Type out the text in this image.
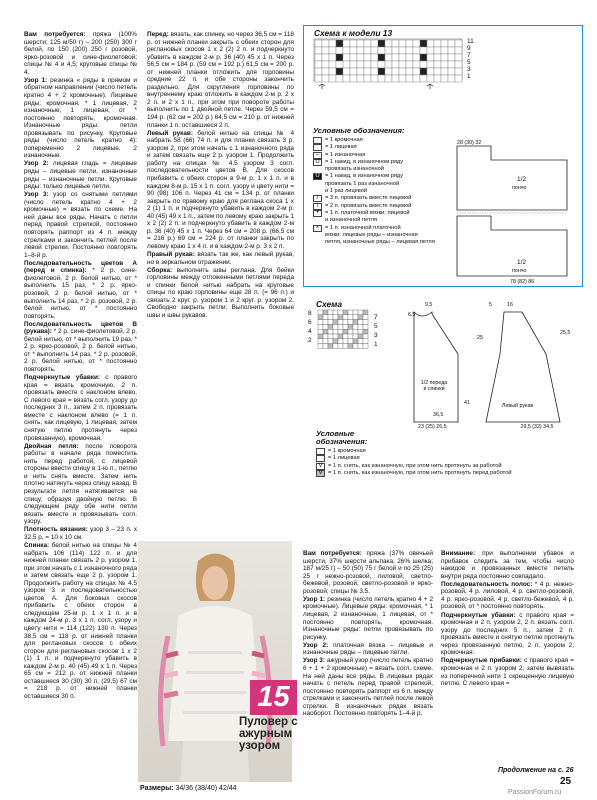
Вам потребуется: пряжа (100% шерсти; 125 м/50 г) – 200 (250) 300 г белой, по 150 (200) 250 г розовой, ярко-розовой и сине-фиолетовой; спицы № 4 и 4,5; круговые спицы № 4.

Узор 1: резинка « ряды в прямом и обратном направлении (число петель кратно 4 + 2 кромочные). Лицевые ряды: кромочная, * 1 лицевая, 2 изнаночные, 1 лицевая, от * постоянно повторять, кромочная. Изнаночные ряды: петли провязывать по рисунку. Круговые ряды (число петель кратно 4): попеременно 2 лицевые, 2 изнаночные.

Узор 2: лицевая гладь = лицевые ряды – лицевые петли, изнаночные ряды – изнаночные петли. Круговые ряды: только лицевые петли.

Узор 3: узор со снятыми петлями (число петель кратно 4 + 2 кромочные) = вязать по схеме. На ней даны все ряды. Начать с петли перед правой стрелкой, постоянно повторять раппорт из 4 п. между стрелками и закончить петлей после левой стрелки. Постоянно повторять 1–8-й р.

Последовательность цветов А (перед и спинка): * 2 р. сине-фиолетовой, 2 р. белой нитью, от * выполнить 15 раз, * 2 р. ярко-розовой, 2 р. белой нитью, от * выполнить 14 раз, * 2 р. розовой, 2 р. белой нитью, от * постоянно повторять.

Последовательность цветов В (рукава): * 2 р. сине-фиолетовой, 2 р. белой нитью, от * выполнить 19 раз, * 2 р. ярко-розовой, 2 р. белой нитью, от * выполнить 14 раз, * 2 р. розовой, 2 р. белой нитью, от * постоянно повторять.

Подчеркнутые убавки: с правого края = вязать кромочную, 2 п. провязать вместе с наклоном влево. С левого края = вязать согл. узору до последних 3 п., затем 2 п. провязать вместе с наклоном влево (= 1 п. снять, как лицевую, 1 лицевая, затем снятую петлю протянуть через провязанную), кромочная.

Двойная петля: после поворота работы в начале ряда поместить нить перед работой, с лицевой стороны ввести спицу в 1-ю п., петлю и нить снять вместе. Затем нить плотно натянуть через спицу назад. В результате петля натягивается на спицу, образуя двойную петлю. В следующем ряду обе нити петли вязать вместе и провязывать согл. узору.

Плотность вязания: узор 3 – 23 п. x 32,5 р. = 10 x 10 см.

Спинка: белой нитью на спицы № 4 набрать 106 (114) 122 п. и для нижней планки связать 2 р. узором 1, при этом начать с 1 изнаночного ряда и затем связать еще 2 р. узором 1. Продолжить работу на спицах № 4,5 узором 3 и последовательностью цветов А. Для боковых скосов прибавить с обеих сторон в следующем 25-м р. 1 x 1 п. и в каждом 24-м р. 3 x 1 п. согл. узору и цвету нити = 114 (122) 130 п. Через 38,5 см = 118 р. от нижней планки для реглановых скосов с обеих сторон для реглановых скосов 1 x 2 (1) 1 п. и подчеркнуто убавить в каждом 2-м р. 40 (45) 49 x 1 п. Через 65 см = 212 р. от нижней планки оставшиеся 30 (30) 30 п. (29,5) 67 см = 218 р. от нижней планки оставшиеся 30 п.

Перед: вязать, как спинку, но через 36,5 см = 118 р. от нижней планки закрыть с обеих сторон для реглановых скосов 1 x 2 (2) 2 п. и подчеркнуто убавить в каждом 2-м р. 36 (40) 45 x 1 п. Через 56,5 см = 184 р. (59 см = 192 р.) 61,5 см = 200 р. от нижней планки отложить для горловины средние 22 п. и обе стороны закончить раздельно. Для скругления горловины по внутреннему краю отложить в каждом 2-м р. 2 x 2 п. и 2 x 1 п., при этом при повороте работы выполнить по 1 двойной петле. Через 59,5 см = 194 р. (62 см = 202 р.) 64,5 см = 210 р. от нижней планки 1 п. оставшиеся 2 п.

Левый рукав: белой нитью на спицы № 4 набрать 58 (66) 74 п. и для планки связать 3 р. узором 2, при этом начать с 1 изнаночного ряда и затем связать еще 2 р. узором 1. Продолжить работу на спицах № 4,5 узором 3 согл. последовательности цветов В. Для скосов прибавить с обеих сторон в 9-м р. 1 x 1 п. и в каждом 8-м р. 15 x 1 п. согл. узору и цвету нити = 90 (98) 106 п. Через 41 см = 134 р. от планки закрыть по правому краю для реглана скоса 1 x 2 (1) 1 п. и подчеркнуто убавить в каждом 2-м р. 40 (45) 49 x 1 п., затем по левому краю закрыть 1 x 2 (2) 2 п. и подчеркнуто убавить в каждом 2-м р. 36 (40) 45 x 1 п. Через 64 см = 208 р. (66,5 см = 216 р.) 69 см = 224 р. от планки закрыть по левому краю 1 x 4 п. и в каждом 2-м р. 3 x 2 п.

Правый рукав: вязать так же, как левый рукав, но в зеркальном отражении.

Сборка: выполнить швы реглана. Для бейки горловины между отложенными петлями переда и спинки белой нитью набрать на круговые спицы по краю горловины еще 28 п. (= 96 п.) и связать 2 круг. р. узором 1 и 2 круг. р. узором 2. Свободно закрыть петли. Выполнить боковые швы и швы рукавов.

Вам потребуется: пряжа (37% овечьей шерсти, 37% шерсти альпака, 26% шелка; 187 м/25 г) – 50 (50) 75 г белой и по 25 (25) 25 г нежно-розовой, лиловой, светло-бежевой, розовой, светло-розовой и ярко-розовой; спицы № 3,5.

Узор 1: резинка (число петель кратно 4 + 2 кромочные). Лицевые ряды: кромочная, * 1 лицевая, 2 изнаночные, 1 лицевая, от * постоянно повторять, кромочная. Изнаночные ряды: петли провязывать по рисунку.

Узор 2: платочная вязка – лицевые и изнаночные ряды – лицевые петли.

Узор 3: ажурный узор (число петель кратно 6 + 1 + 2 кромочные) = вязать согл. схеме. На ней даны все ряды. В лицевых рядах начать с петель перед правой стрелкой, постоянно повторять раппорт из 6 п. между стрелками и закончить петлей после левой стрелки. В изнаночных рядах вязать наоборот. Постоянно повторять 1–4-й р.

Внимание: при выполнении убавок и прибавок следить за тем, чтобы число накидов и провязанных вместе петель внутри ряда постоянно совпадало.

Последовательность полос: * 4 р. нежно-розовой, 4 р. лиловой, 4 р. светло-розовой, 4 р. ярко-розовой, 4 р. светло-бежевой, 4 р. розовой, от * постоянно повторять.

Подчеркнутые убавки: с правого края = кромочная и 2 п. узором 2, 2 п. вязать согл. узору до последних 5 п., затем 2 п. провязать вместе и снятую петлю протянуть через провязанную петлю, 2 п. узором 2, кромочная.

Подчеркнутые прибавки: с правого края = кромочная и 2 п. узором 2, затем вывязать из поперечной нити 1 скрещенную лицевую петлю. С левого края =

Схема к модели 13
11
9
7
5
3
1
Условные обозначения:
= 1 кромочная
= 1 лицевая
–	= 1 изнаночная
U = 1 накид, в изнаночном ряду
провязать изнаночной
U = 1 накид, в изнаночном ряду
провязать 1 раз изнаночной
и 1 раз лицевой
/	= 3 п. провязать вместе лицевой
\	= 2 п. провязать вместе лицевой
•	= 1 п. платочной вязки: лицевой
и изнаночной петля
×	= 1 п. изнаночной платочной
вязки: лицевые ряды – изнаночная
петля, изнаночные ряды – лицевая петля
1/2
пончо
1/2
пончо
28 (30) 32
78 (82) 86
Схема
8
6
4
2
7
5
3
1
Условные обозначения:
= 1 кромочная
= 1 лицевая
V = 1 п. снять, как изнаночную, при этом нить протянуть за работой
V = 1 п. снять, как изнаночную, при этом нить протянуть перед работой
1/2 переда и спинки
Левый рукав
41
36,5
23 (25) 26,5
16
9,5	5
6,5
25,5
25
29,5 (32) 34,5
15
Пуловер с ажурным узором
Размеры: 34/36 (38/40) 42/44
Продолжение на с. 26
25
PassionForum.ru
